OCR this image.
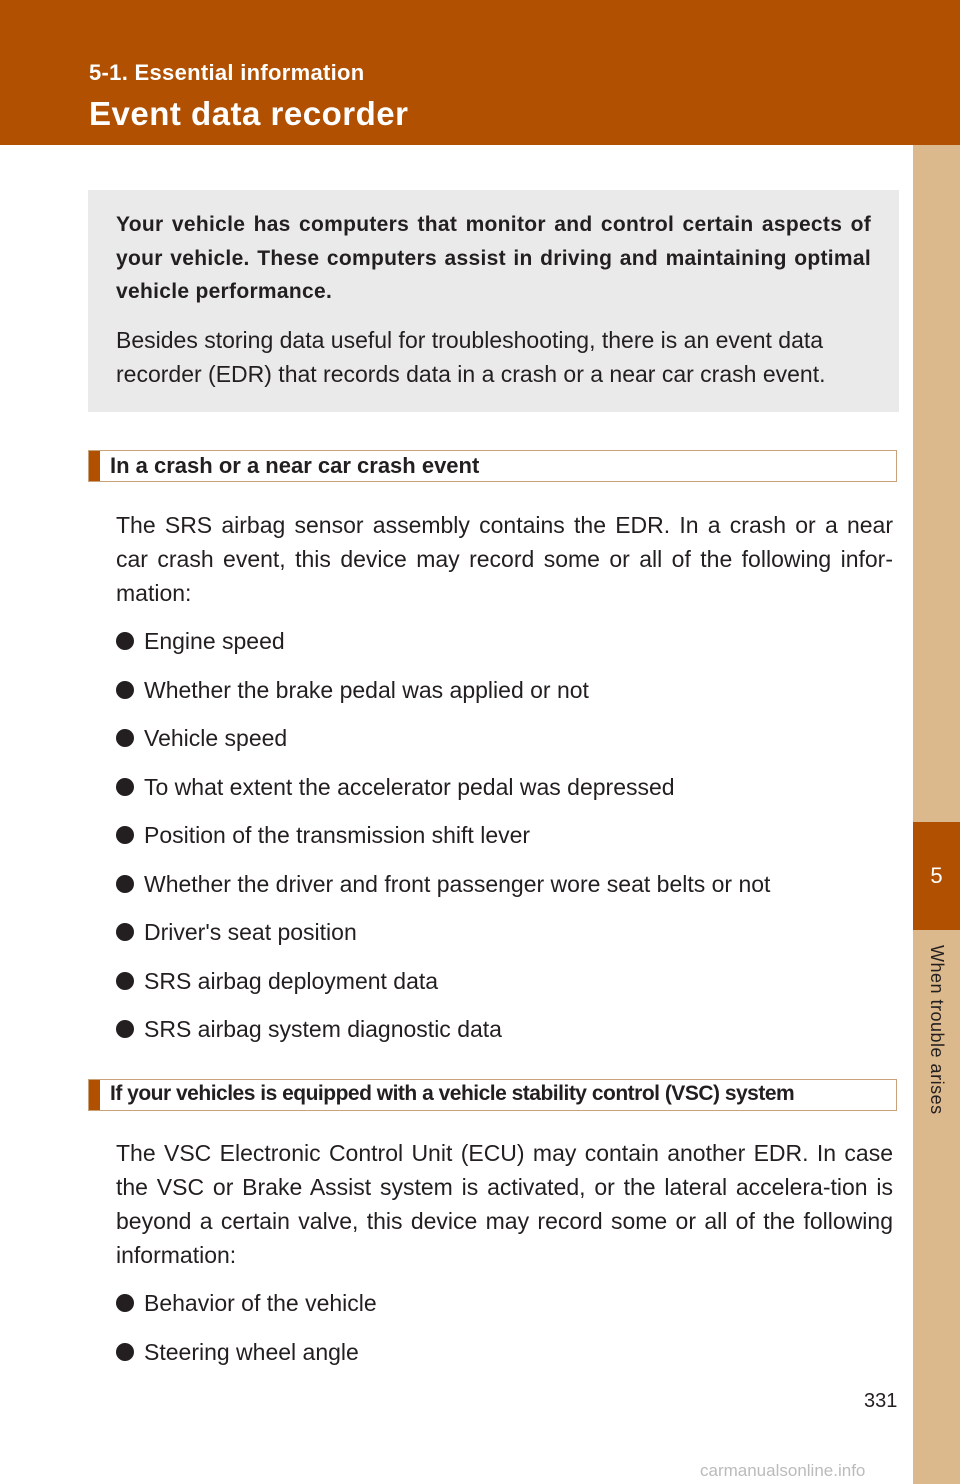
5-1. Essential information
Event data recorder
5
When trouble arises

Your vehicle has computers that monitor and control certain aspects of your vehicle. These computers assist in driving and maintaining optimal vehicle performance.

Besides storing data useful for troubleshooting, there is an event data recorder (EDR) that records data in a crash or a near car crash event.

In a crash or a near car crash event

The SRS airbag sensor assembly contains the EDR. In a crash or a near car crash event, this device may record some or all of the following infor-mation:

Engine speed
Whether the brake pedal was applied or not
Vehicle speed
To what extent the accelerator pedal was depressed
Position of the transmission shift lever
Whether the driver and front passenger wore seat belts or not
Driver's seat position
SRS airbag deployment data
SRS airbag system diagnostic data
If your vehicles is equipped with a vehicle stability control (VSC) system

The VSC Electronic Control Unit (ECU) may contain another EDR. In case the VSC or Brake Assist system is activated, or the lateral accelera-tion is beyond a certain valve, this device may record some or all of the following information:

Behavior of the vehicle
Steering wheel angle
331
carmanualsonline.info
